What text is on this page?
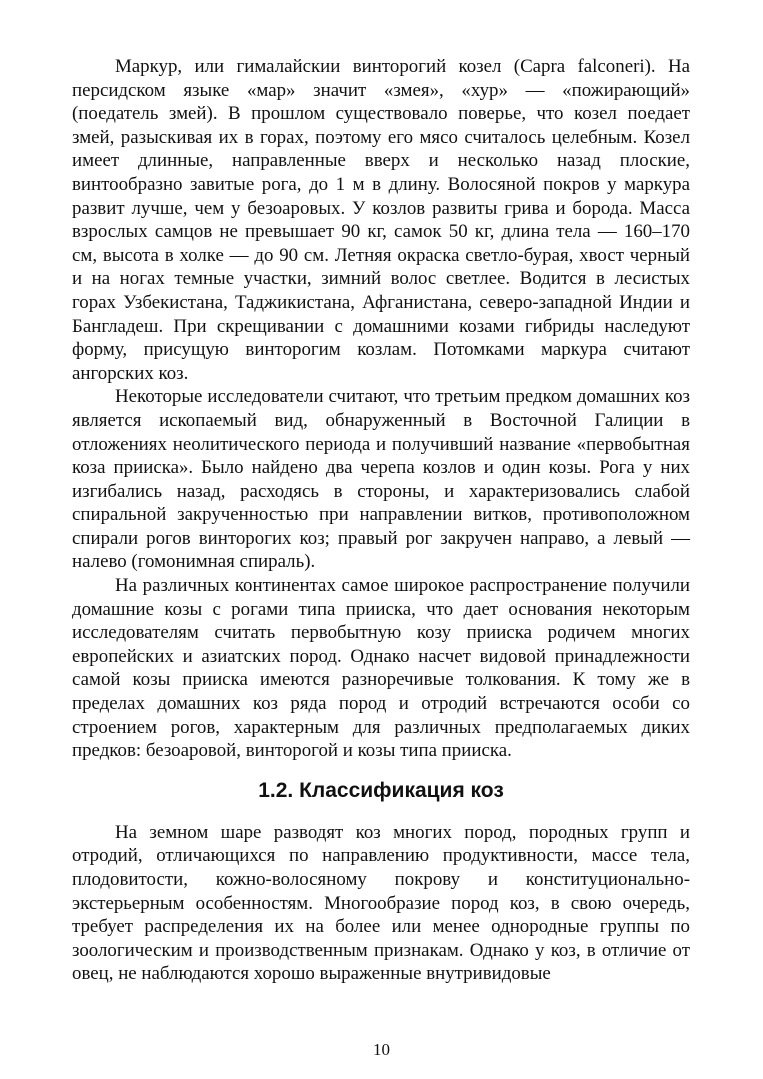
Маркур, или гималайскии винторогий козел (Capra falconeri). На персидском языке «мар» значит «змея», «хур» — «пожирающий» (поедатель змей). В прошлом существовало поверье, что козел поедает змей, разыскивая их в горах, поэтому его мясо считалось целебным. Козел имеет длинные, направленные вверх и несколько назад плоские, винтообразно завитые рога, до 1 м в длину. Волосяной покров у маркура развит лучше, чем у безоаровых. У козлов развиты грива и борода. Масса взрослых самцов не превышает 90 кг, самок 50 кг, длина тела — 160–170 см, высота в холке — до 90 см. Летняя окраска светло-бурая, хвост черный и на ногах темные участки, зимний волос светлее. Водится в лесистых горах Узбекистана, Таджикистана, Афганистана, северо-западной Индии и Бангладеш. При скрещивании с домашними козами гибриды наследуют форму, присущую винторогим козлам. Потомками маркура считают ангорских коз.

Некоторые исследователи считают, что третьим предком домашних коз является ископаемый вид, обнаруженный в Восточной Галиции в отложениях неолитического периода и получивший название «первобытная коза прииска». Было найдено два черепа козлов и один козы. Рога у них изгибались назад, расходясь в стороны, и характеризовались слабой спиральной закрученностью при направлении витков, противоположном спирали рогов винторогих коз; правый рог закручен направо, а левый — налево (гомонимная спираль).

На различных континентах самое широкое распространение получили домашние козы с рогами типа прииска, что дает основания некоторым исследователям считать первобытную козу прииска родичем многих европейских и азиатских пород. Однако насчет видовой принадлежности самой козы прииска имеются разноречивые толкования. К тому же в пределах домашних коз ряда пород и отродий встречаются особи со строением рогов, характерным для различных предполагаемых диких предков: безоаровой, винторогой и козы типа прииска.

1.2. Классификация коз

На земном шаре разводят коз многих пород, породных групп и отродий, отличающихся по направлению продуктивности, массе тела, плодовитости, кожно-волосяному покрову и конституционально-экстерьерным особенностям. Многообразие пород коз, в свою очередь, требует распределения их на более или менее однородные группы по зоологическим и производственным признакам. Однако у коз, в отличие от овец, не наблюдаются хорошо выраженные внутривидовые

10
